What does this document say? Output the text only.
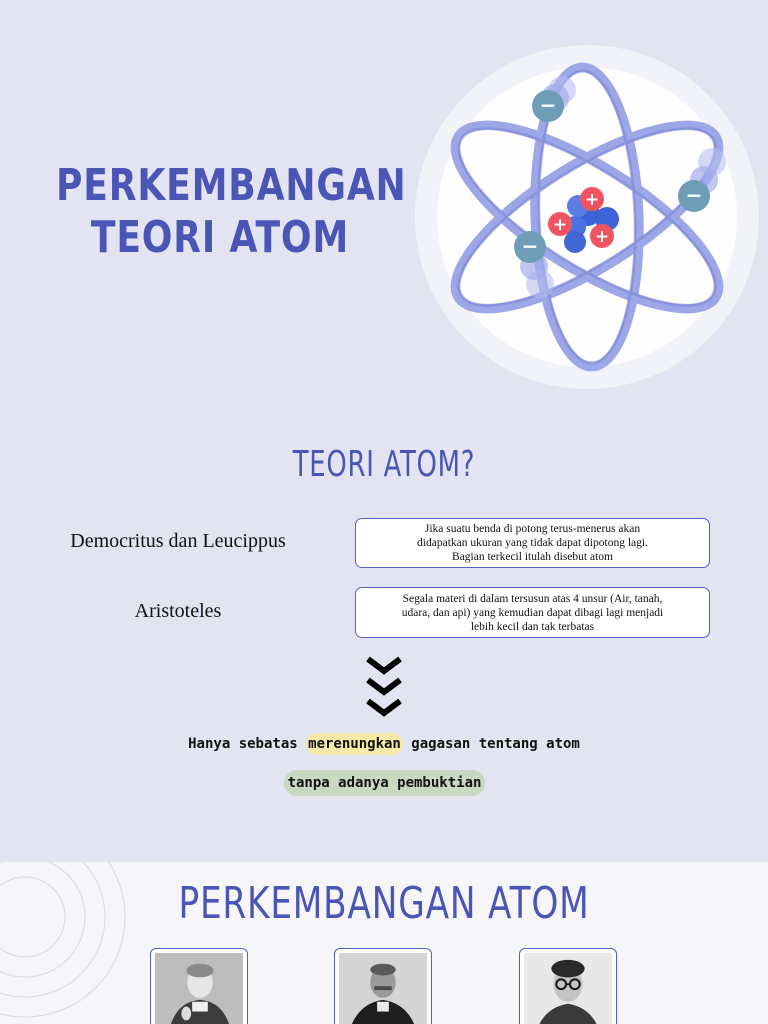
PERKEMBANGAN
TEORI ATOM
+
+
+
−
−
−
TEORI ATOM?
Democritus dan Leucippus
Jika suatu benda di potong terus-menerus akan
didapatkan ukuran yang tidak dapat dipotong lagi.
Bagian terkecil itulah disebut atom
Aristoteles
Segala materi di dalam tersusun atas 4 unsur (Air, tanah,
udara, dan api) yang kemudian dapat dibagi lagi menjadi
lebih kecil dan tak terbatas
Hanya sebatas merenungkan gagasan tentang atom
tanpa adanya pembuktian
PERKEMBANGAN ATOM
